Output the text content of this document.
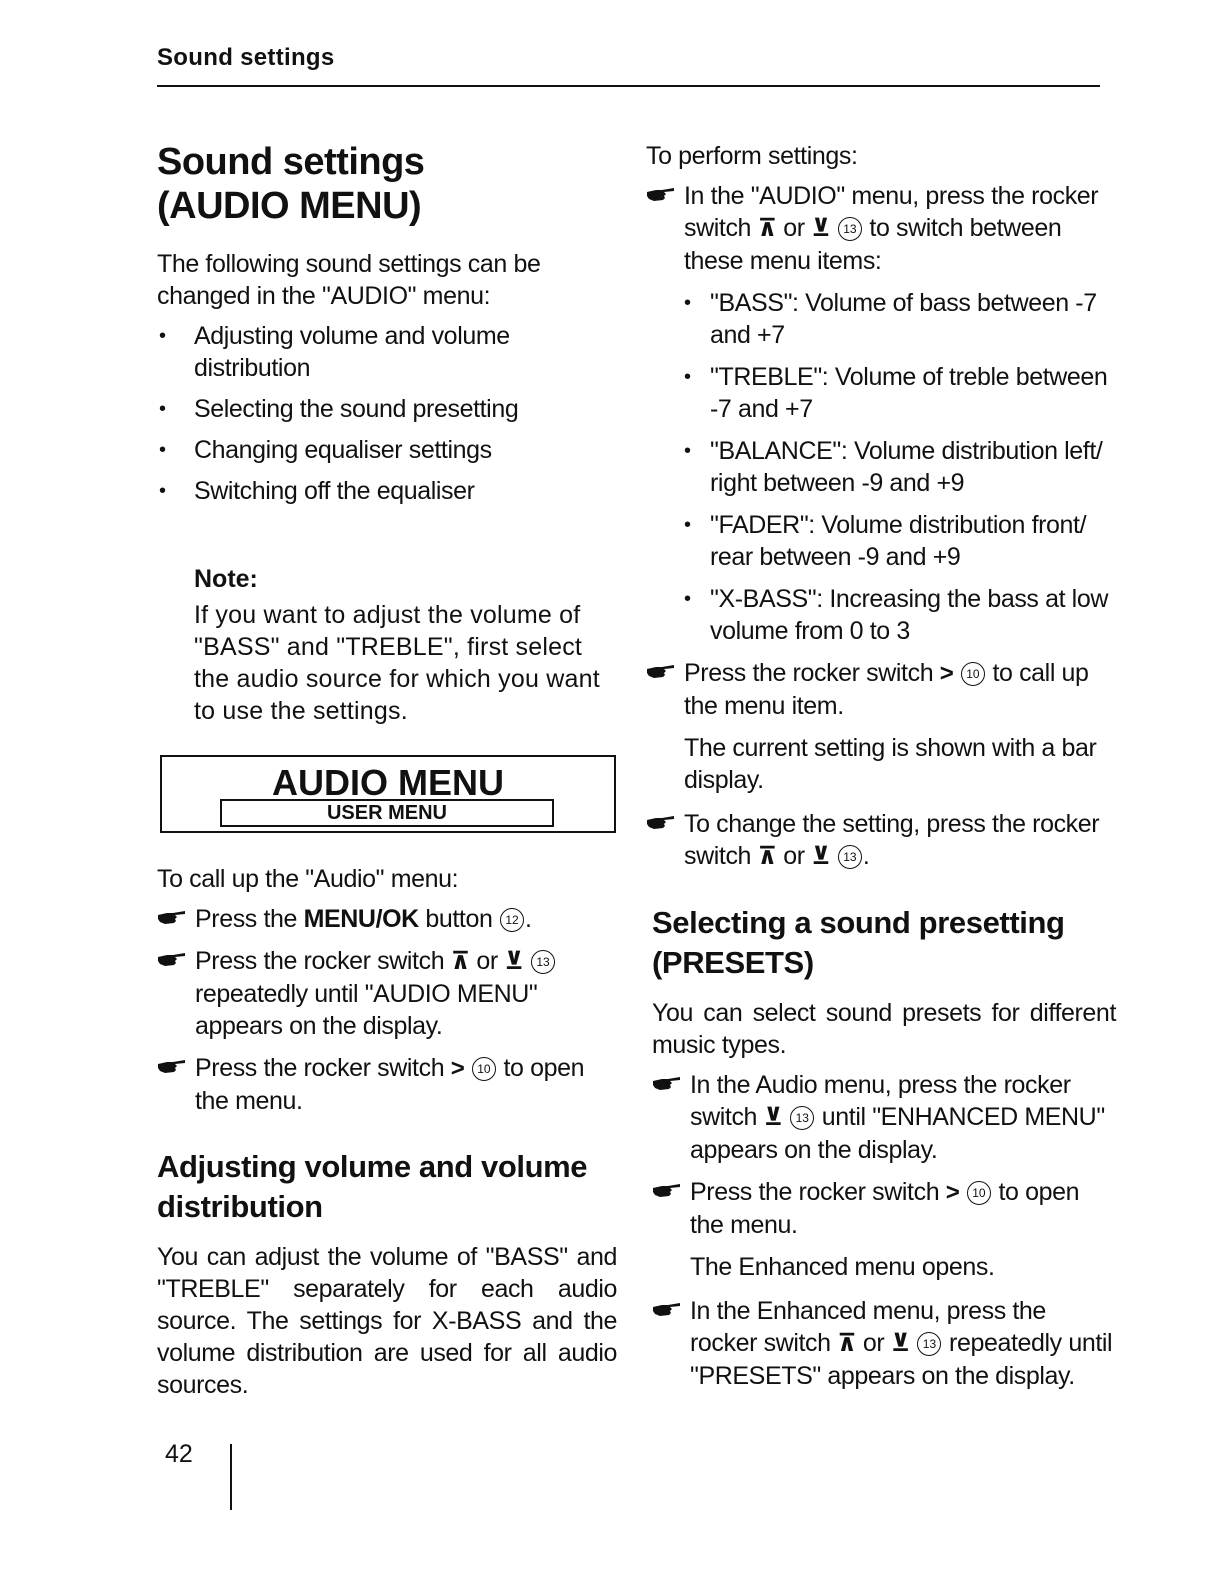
Sound settings
Sound settings
(AUDIO MENU)

The following sound settings can be changed in the "AUDIO" menu:

• Adjusting volume and volume distribution
• Selecting the sound presetting
• Changing equaliser settings
• Switching off the equaliser
Note:
If you want to adjust the volume of "BASS" and "TREBLE", first select the audio source for which you want to use the settings.
AUDIO MENU
USER MENU

To call up the "Audio" menu:

Press the MENU/OK button 12 .
Press the rocker switch ⊼ or ⊻ 13 repeatedly until "AUDIO MENU" appears on the display.
Press the rocker switch > 10 to open the menu.
Adjusting volume and volume
distribution

You can adjust the volume of "BASS" and "TREBLE" separately for each audio source. The settings for X-BASS and the volume distribution are used for all audio sources.

To perform settings:

In the "AUDIO" menu, press the rocker switch ⊼ or ⊻ 13 to switch between these menu items:
• "BASS": Volume of bass between -7 and +7
• "TREBLE": Volume of treble between -7 and +7
• "BALANCE": Volume distribution left/ right between -9 and +9
• "FADER": Volume distribution front/ rear between -9 and +9
• "X-BASS": Increasing the bass at low volume from 0 to 3
Press the rocker switch > 10 to call up the menu item.

The current setting is shown with a bar display.

To change the setting, press the rocker switch ⊼ or ⊻ 13 .
Selecting a sound presetting
(PRESETS)

You can select sound presets for different music types.

In the Audio menu, press the rocker switch ⊻ 13 until "ENHANCED MENU" appears on the display.
Press the rocker switch > 10 to open the menu.

The Enhanced menu opens.

In the Enhanced menu, press the rocker switch ⊼ or ⊻ 13 repeatedly until "PRESETS" appears on the display.
42
